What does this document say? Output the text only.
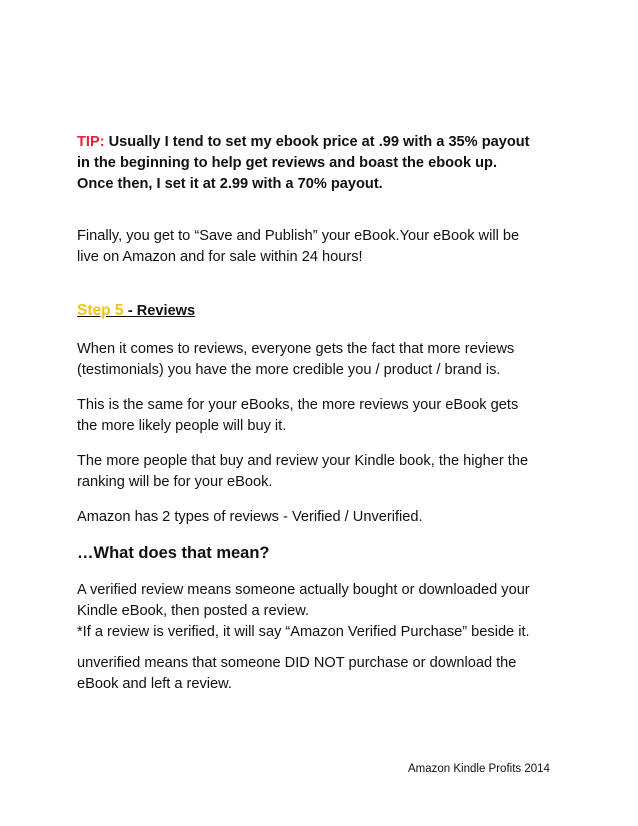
TIP: Usually I tend to set my ebook price at .99 with a 35% payout
in the beginning to help get reviews and boast the ebook up.
Once then, I set it at 2.99 with a 70% payout.
Finally, you get to “Save and Publish” your eBook.Your eBook will be
live on Amazon and for sale within 24 hours!
Step 5 - Reviews
When it comes to reviews, everyone gets the fact that more reviews
(testimonials) you have the more credible you / product / brand is.
This is the same for your eBooks, the more reviews your eBook gets
the more likely people will buy it.
The more people that buy and review your Kindle book, the higher the
ranking will be for your eBook.
Amazon has 2 types of reviews - Verified / Unverified.
…What does that mean?
A verified review means someone actually bought or downloaded your
Kindle eBook, then posted a review.
*If a review is verified, it will say “Amazon Verified Purchase” beside it.
unverified means that someone DID NOT purchase or download the
eBook and left a review.
Amazon Kindle Profits 2014
